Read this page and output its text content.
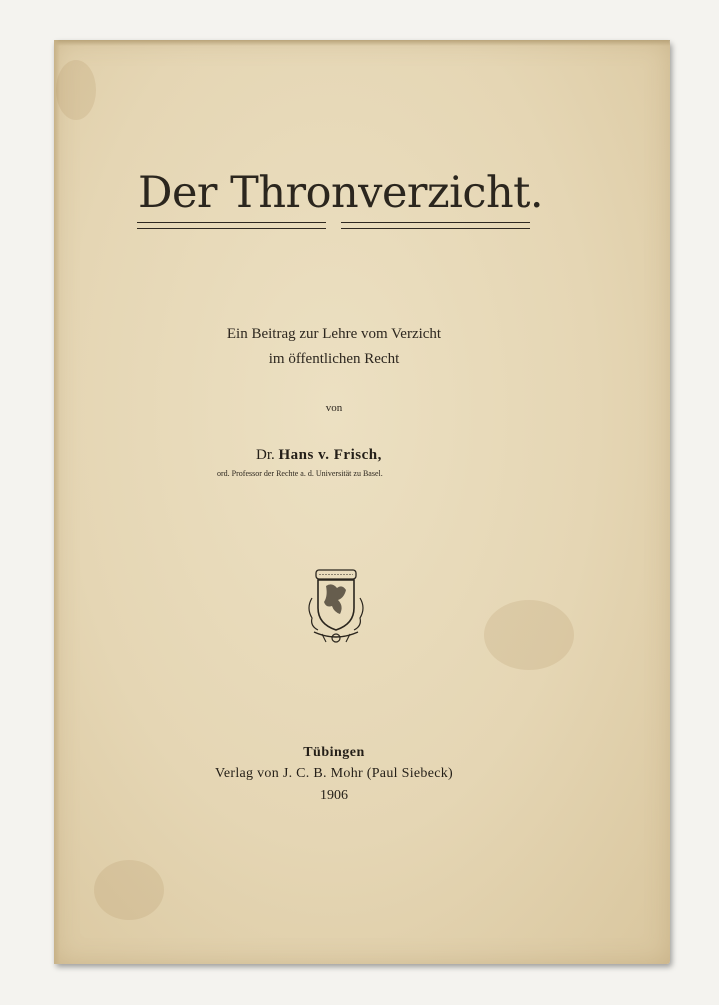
Der Thronverzicht.
Ein Beitrag zur Lehre vom Verzicht
im öffentlichen Recht
von
Dr. Hans v. Frisch,
ord. Professor der Rechte a. d. Universität zu Basel.
Tübingen
Verlag von J. C. B. Mohr (Paul Siebeck)
1906
